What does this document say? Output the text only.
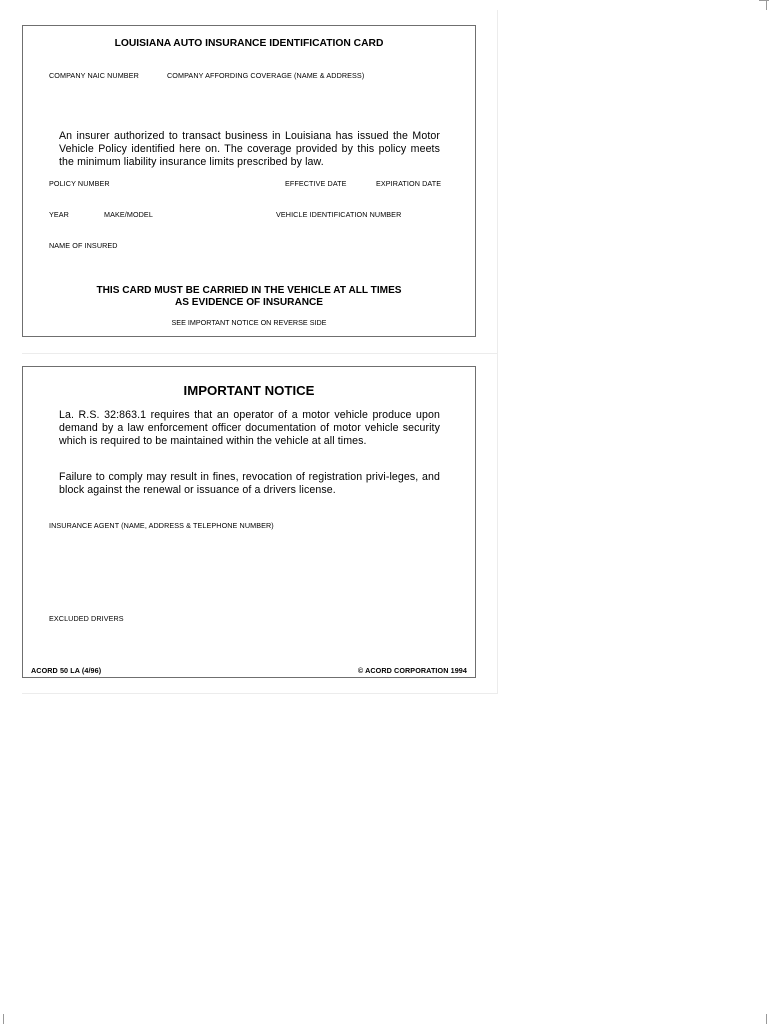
LOUISIANA AUTO INSURANCE IDENTIFICATION CARD
COMPANY NAIC NUMBER	COMPANY AFFORDING COVERAGE (NAME & ADDRESS)
An insurer authorized to transact business in Louisiana has issued the Motor Vehicle Policy identified here on. The coverage provided by this policy meets the minimum liability insurance limits prescribed by law.
POLICY NUMBER	EFFECTIVE DATE	EXPIRATION DATE
YEAR	MAKE/MODEL	VEHICLE IDENTIFICATION NUMBER
NAME OF INSURED
THIS CARD MUST BE CARRIED IN THE VEHICLE AT ALL TIMES
AS EVIDENCE OF INSURANCE
SEE IMPORTANT NOTICE ON REVERSE SIDE
IMPORTANT NOTICE
La. R.S. 32:863.1 requires that an operator of a motor vehicle produce upon demand by a law enforcement officer documentation of motor vehicle security which is required to be maintained within the vehicle at all times.
Failure to comply may result in fines, revocation of registration privi-leges, and block against the renewal or issuance of a drivers license.
INSURANCE AGENT (NAME, ADDRESS & TELEPHONE NUMBER)
EXCLUDED DRIVERS
ACORD 50 LA (4/96)	© ACORD CORPORATION 1994
